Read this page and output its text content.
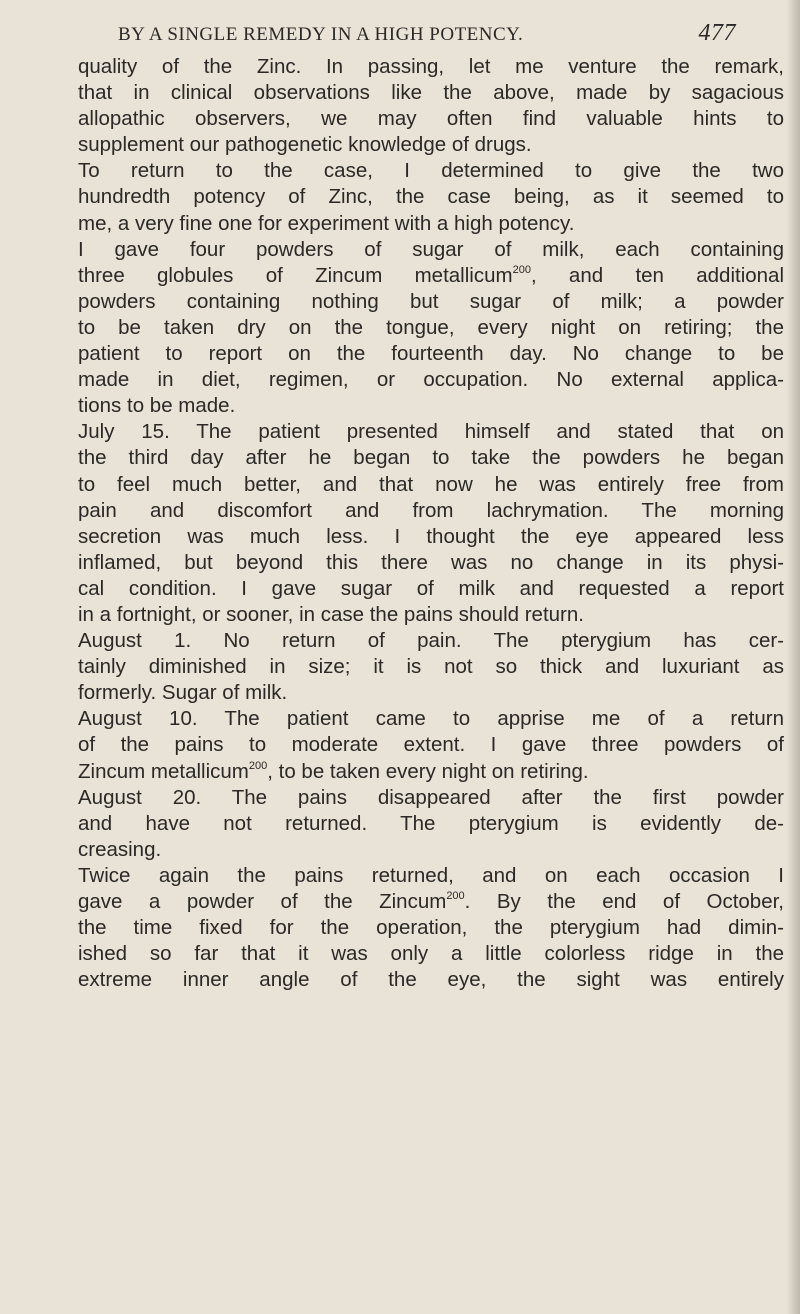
BY A SINGLE REMEDY IN A HIGH POTENCY.	477
quality of the Zinc. In passing, let me venture the remark,
that in clinical observations like the above, made by sagacious
allopathic observers, we may often find valuable hints to
supplement our pathogenetic knowledge of drugs.
To return to the case, I determined to give the two
hundredth potency of Zinc, the case being, as it seemed to
me, a very fine one for experiment with a high potency.
I gave four powders of sugar of milk, each containing
three globules of Zincum metallicum$^{200}$, and ten additional
powders containing nothing but sugar of milk; a powder
to be taken dry on the tongue, every night on retiring; the
patient to report on the fourteenth day. No change to be
made in diet, regimen, or occupation. No external applica-
tions to be made.
July 15. The patient presented himself and stated that on
the third day after he began to take the powders he began
to feel much better, and that now he was entirely free from
pain and discomfort and from lachrymation. The morning
secretion was much less. I thought the eye appeared less
inflamed, but beyond this there was no change in its physi-
cal condition. I gave sugar of milk and requested a report
in a fortnight, or sooner, in case the pains should return.
August 1. No return of pain. The pterygium has cer-
tainly diminished in size; it is not so thick and luxuriant as
formerly. Sugar of milk.
August 10. The patient came to apprise me of a return
of the pains to moderate extent. I gave three powders of
Zincum metallicum$^{200}$, to be taken every night on retiring.
August 20. The pains disappeared after the first powder
and have not returned. The pterygium is evidently de-
creasing.
Twice again the pains returned, and on each occasion I
gave a powder of the Zincum$^{200}$. By the end of October,
the time fixed for the operation, the pterygium had dimin-
ished so far that it was only a little colorless ridge in the
extreme inner angle of the eye, the sight was entirely
